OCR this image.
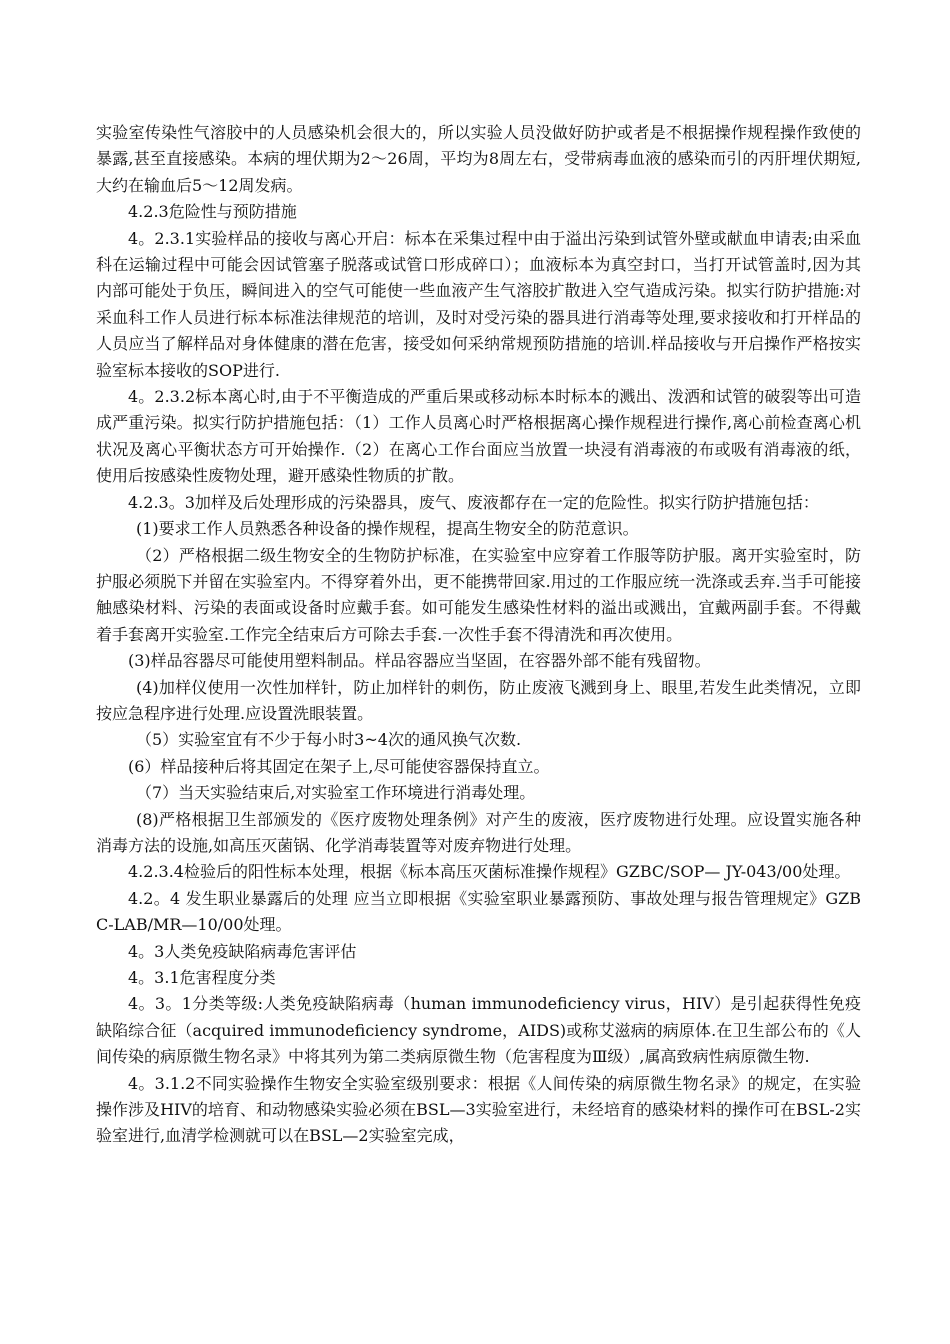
实验室传染性气溶胶中的人员感染机会很大的，所以实验人员没做好防护或者是不根据操作规程操作致使的暴露,甚至直接感染。本病的埋伏期为2～26周，平均为8周左右，受带病毒血液的感染而引的丙肝埋伏期短,大约在输血后5～12周发病。

4.2.3危险性与预防措施

4。2.3.1实验样品的接收与离心开启：标本在采集过程中由于溢出污染到试管外壁或献血申请表;由采血科在运输过程中可能会因试管塞子脱落或试管口形成碎口）；血液标本为真空封口，当打开试管盖时,因为其内部可能处于负压，瞬间进入的空气可能使一些血液产生气溶胶扩散进入空气造成污染。拟实行防护措施:对采血科工作人员进行标本标准法律规范的培训，及时对受污染的器具进行消毒等处理,要求接收和打开样品的人员应当了解样品对身体健康的潜在危害，接受如何采纳常规预防措施的培训.样品接收与开启操作严格按实验室标本接收的SOP进行.

4。2.3.2标本离心时,由于不平衡造成的严重后果或移动标本时标本的溅出、泼洒和试管的破裂等出可造成严重污染。拟实行防护措施包括：（1）工作人员离心时严格根据离心操作规程进行操作,离心前检查离心机状况及离心平衡状态方可开始操作.（2）在离心工作台面应当放置一块浸有消毒液的布或吸有消毒液的纸，使用后按感染性废物处理，避开感染性物质的扩散。

4.2.3。3加样及后处理形成的污染器具，废气、废液都存在一定的危险性。拟实行防护措施包括：

(1)要求工作人员熟悉各种设备的操作规程，提高生物安全的防范意识。

（2）严格根据二级生物安全的生物防护标准，在实验室中应穿着工作服等防护服。离开实验室时，防护服必须脱下并留在实验室内。不得穿着外出，更不能携带回家.用过的工作服应统一洗涤或丢弃.当手可能接触感染材料、污染的表面或设备时应戴手套。如可能发生感染性材料的溢出或溅出，宜戴两副手套。不得戴着手套离开实验室.工作完全结束后方可除去手套.一次性手套不得清洗和再次使用。

(3)样品容器尽可能使用塑料制品。样品容器应当坚固，在容器外部不能有残留物。

(4)加样仪使用一次性加样针，防止加样针的刺伤，防止废液飞溅到身上、眼里,若发生此类情况，立即按应急程序进行处理.应设置洗眼装置。

（5）实验室宜有不少于每小时3~4次的通风换气次数.

(6）样品接种后将其固定在架子上,尽可能使容器保持直立。

（7）当天实验结束后,对实验室工作环境进行消毒处理。

(8)严格根据卫生部颁发的《医疗废物处理条例》对产生的废液，医疗废物进行处理。应设置实施各种消毒方法的设施,如高压灭菌锅、化学消毒装置等对废弃物进行处理。

4.2.3.4检验后的阳性标本处理，根据《标本高压灭菌标准操作规程》GZBC/SOP— JY-043/00处理。

4.2。4 发生职业暴露后的处理 应当立即根据《实验室职业暴露预防、事故处理与报告管理规定》GZBC-LAB/MR—10/00处理。

4。3人类免疫缺陷病毒危害评估

4。3.1危害程度分类

4。3。1分类等级:人类免疫缺陷病毒（human immunodeficiency virus，HIV）是引起获得性免疫缺陷综合征（acquired immunodeficiency syndrome，AIDS)或称艾滋病的病原体.在卫生部公布的《人间传染的病原微生物名录》中将其列为第二类病原微生物（危害程度为Ⅲ级）,属高致病性病原微生物.

4。3.1.2不同实验操作生物安全实验室级别要求：根据《人间传染的病原微生物名录》的规定，在实验操作涉及HIV的培育、和动物感染实验必须在BSL—3实验室进行，未经培育的感染材料的操作可在BSL-2实验室进行,血清学检测就可以在BSL—2实验室完成，
